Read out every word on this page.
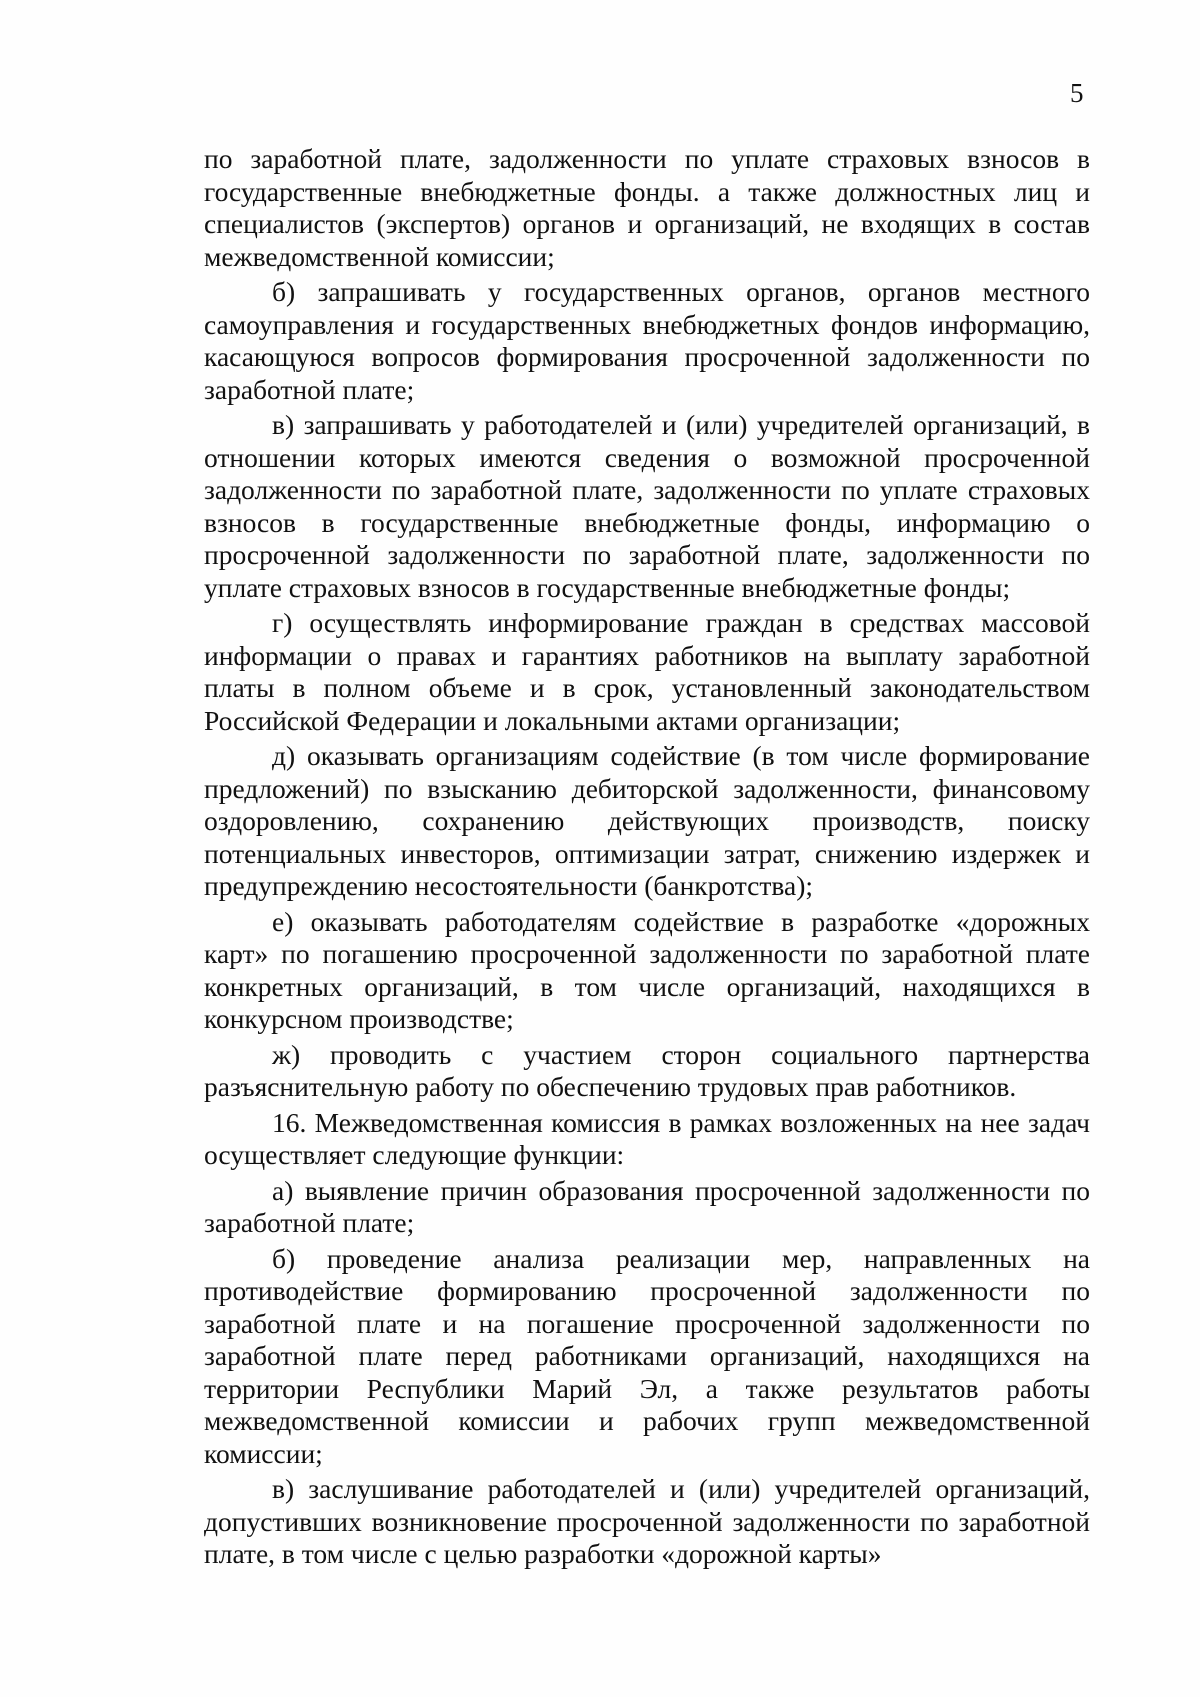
5

по заработной плате, задолженности по уплате страховых взносов в государственные внебюджетные фонды. а также должностных лиц и специалистов (экспертов) органов и организаций, не входящих в состав межведомственной комиссии;

б) запрашивать у государственных органов, органов местного самоуправления и государственных внебюджетных фондов информацию, касающуюся вопросов формирования просроченной задолженности по заработной плате;

в) запрашивать у работодателей и (или) учредителей организаций, в отношении которых имеются сведения о возможной просроченной задолженности по заработной плате, задолженности по уплате страховых взносов в государственные внебюджетные фонды, информацию о просроченной задолженности по заработной плате, задолженности по уплате страховых взносов в государственные внебюджетные фонды;

г) осуществлять информирование граждан в средствах массовой информации о правах и гарантиях работников на выплату заработной платы в полном объеме и в срок, установленный законодательством Российской Федерации и локальными актами организации;

д) оказывать организациям содействие (в том числе формирование предложений) по взысканию дебиторской задолженности, финансовому оздоровлению, сохранению действующих производств, поиску потенциальных инвесторов, оптимизации затрат, снижению издержек и предупреждению несостоятельности (банкротства);

е) оказывать работодателям содействие в разработке «дорожных карт» по погашению просроченной задолженности по заработной плате конкретных организаций, в том числе организаций, находящихся в конкурсном производстве;

ж) проводить с участием сторон социального партнерства разъяснительную работу по обеспечению трудовых прав работников.

16. Межведомственная комиссия в рамках возложенных на нее задач осуществляет следующие функции:

а) выявление причин образования просроченной задолженности по заработной плате;

б) проведение анализа реализации мер, направленных на противодействие формированию просроченной задолженности по заработной плате и на погашение просроченной задолженности по заработной плате перед работниками организаций, находящихся на территории Республики Марий Эл, а также результатов работы межведомственной комиссии и рабочих групп межведомственной комиссии;

в) заслушивание работодателей и (или) учредителей организаций, допустивших возникновение просроченной задолженности по заработной плате, в том числе с целью разработки «дорожной карты»
